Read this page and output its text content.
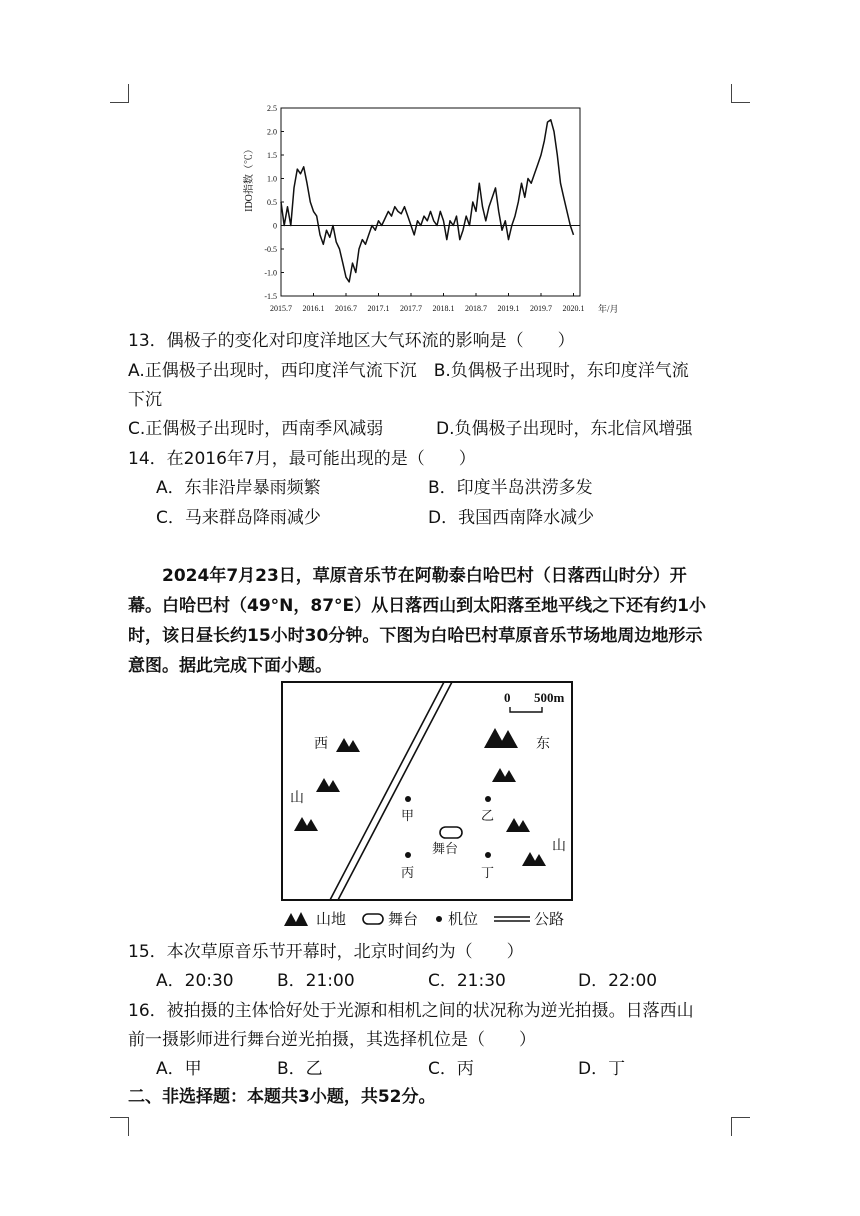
2.5
2.0
1.5
1.0
0.5
0
-0.5
-1.0
-1.5
2015.7 2016.1 2016.7 2017.1 2017.7 2018.1 2018.7 2019.1 2019.7 2020.1
IDO指数（℃）
年/月
13．偶极子的变化对印度洋地区大气环流的影响是（　　）
A.正偶极子出现时，西印度洋气流下沉　B.负偶极子出现时，东印度洋气流
下沉
C.正偶极子出现时，西南季风减弱	D.负偶极子出现时，东北信风增强
14．在2016年7月，最可能出现的是（　　）
A．东非沿岸暴雨频繁	B．印度半岛洪涝多发
C．马来群岛降雨减少	D．我国西南降水减少
2024年7月23日，草原音乐节在阿勒泰白哈巴村（日落西山时分）开
幕。白哈巴村（49°N，87°E）从日落西山到太阳落至地平线之下还有约1小
时，该日昼长约15小时30分钟。下图为白哈巴村草原音乐节场地周边地形示
意图。据此完成下面小题。
0 500m
西
山
东
山
舞台
甲	乙
丙	丁
山地	舞台 机位	公路
15．本次草原音乐节开幕时，北京时间约为（　　）
A．20:30	B．21:00	C．21:30	D．22:00
16．被拍摄的主体恰好处于光源和相机之间的状况称为逆光拍摄。日落西山
前一摄影师进行舞台逆光拍摄，其选择机位是（　　）
A．甲	B．乙	C．丙	D．丁
二、非选择题：本题共3小题，共52分。
